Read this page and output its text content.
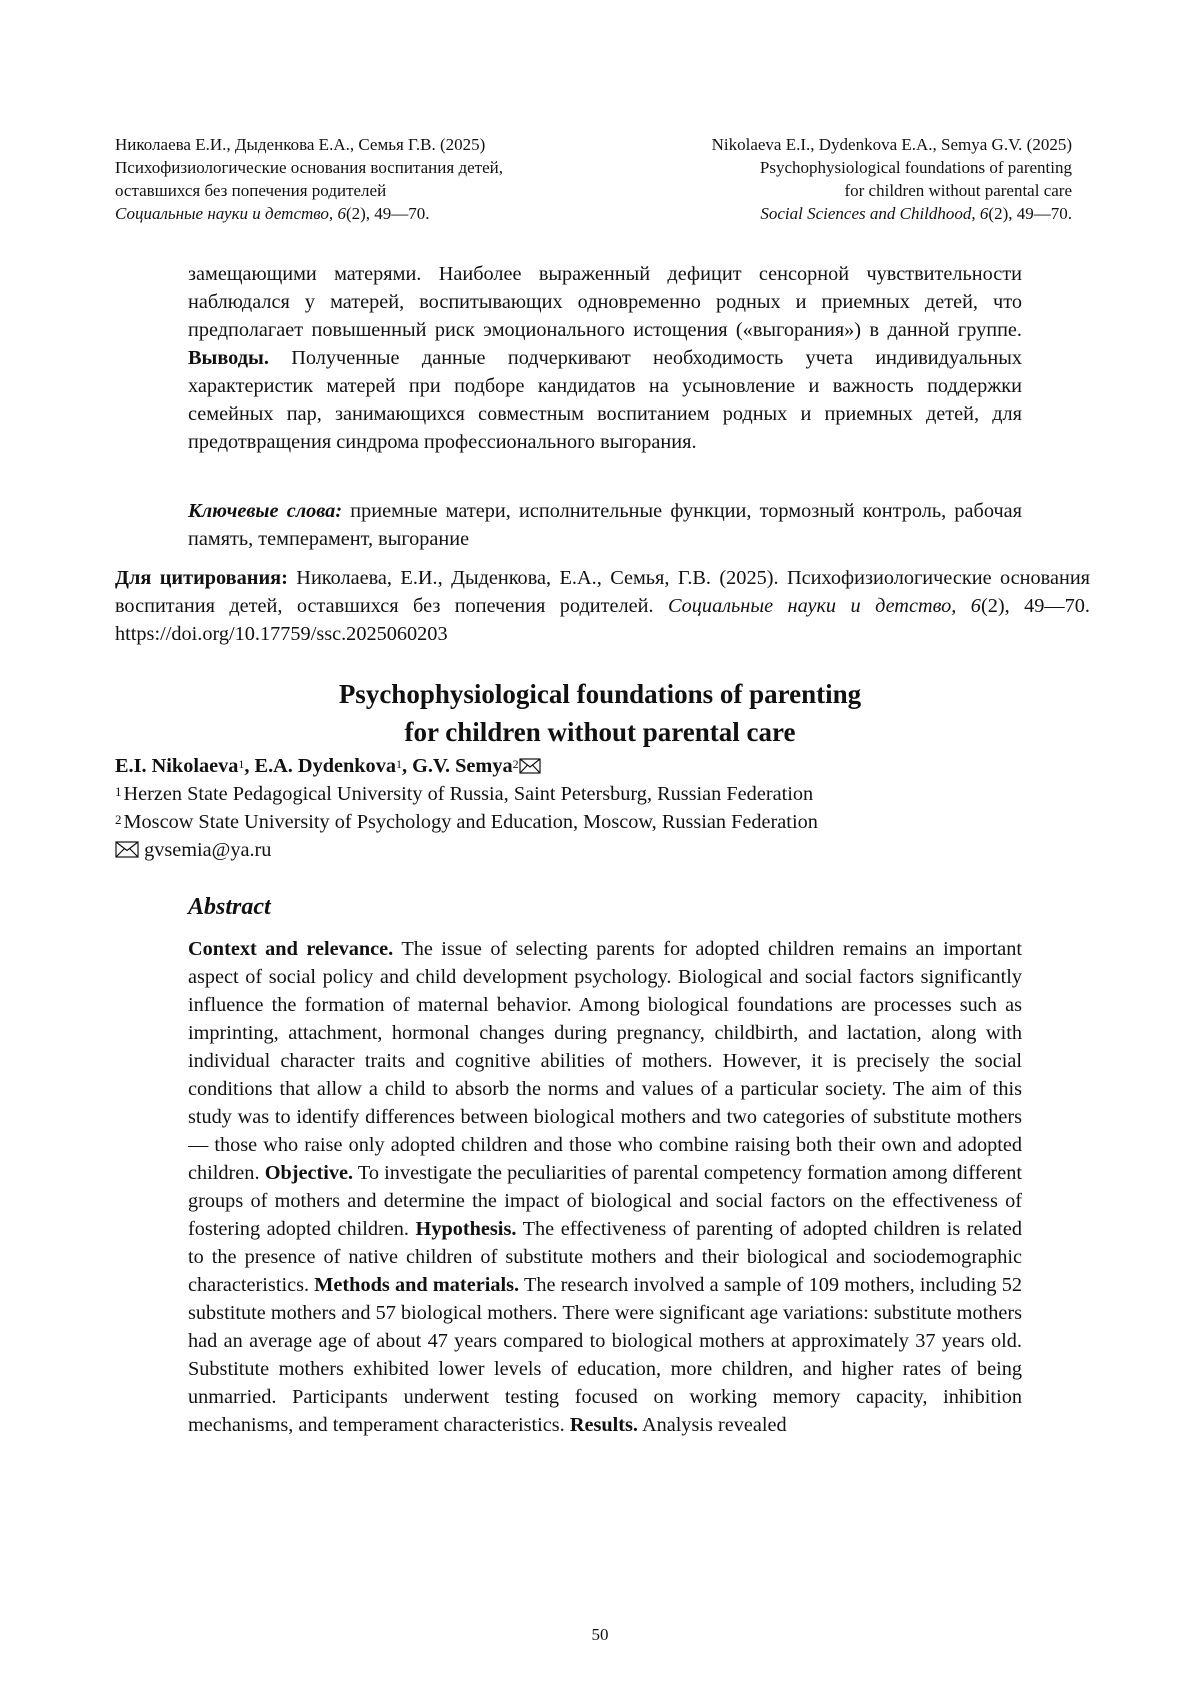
Николаева Е.И., Дыденкова Е.А., Семья Г.В. (2025)
Психофизиологические основания воспитания детей,
оставшихся без попечения родителей
Социальные науки и детство, 6(2), 49—70.
Nikolaeva E.I., Dydenkova E.A., Semya G.V. (2025)
Psychophysiological foundations of parenting
for children without parental care
Social Sciences and Childhood, 6(2), 49—70.
замещающими матерями. Наиболее выраженный дефицит сенсорной чувствительности наблюдался у матерей, воспитывающих одновременно родных и приемных детей, что предполагает повышенный риск эмоционального истощения («выгорания») в данной группе. Выводы. Полученные данные подчеркивают необходимость учета индивидуальных характеристик матерей при подборе кандидатов на усыновление и важность поддержки семейных пар, занимающихся совместным воспитанием родных и приемных детей, для предотвращения синдрома профессионального выгорания.
Ключевые слова: приемные матери, исполнительные функции, тормозный контроль, рабочая память, темперамент, выгорание
Для цитирования: Николаева, Е.И., Дыденкова, Е.А., Семья, Г.В. (2025). Психофизиологические основания воспитания детей, оставшихся без попечения родителей. Социальные науки и детство, 6(2), 49—70. https://doi.org/10.17759/ssc.2025060203
Psychophysiological foundations of parenting
for children without parental care
E.I. Nikolaeva1, E.A. Dydenkova1, G.V. Semya2
1Herzen State Pedagogical University of Russia, Saint Petersburg, Russian Federation
2Moscow State University of Psychology and Education, Moscow, Russian Federation
gvsemia@ya.ru
Abstract
Context and relevance. The issue of selecting parents for adopted children remains an important aspect of social policy and child development psychology. Biological and social factors significantly influence the formation of maternal behavior. Among biological foundations are processes such as imprinting, attachment, hormonal changes during pregnancy, childbirth, and lactation, along with individual character traits and cognitive abilities of mothers. However, it is precisely the social conditions that allow a child to absorb the norms and values of a particular society. The aim of this study was to identify differences between biological mothers and two categories of substitute mothers — those who raise only adopted children and those who combine raising both their own and adopted children. Objective. To investigate the peculiarities of parental competency formation among different groups of mothers and determine the impact of biological and social factors on the effectiveness of fostering adopted children. Hypothesis. The effectiveness of parenting of adopted children is related to the presence of native children of substitute mothers and their biological and sociodemographic characteristics. Methods and materials. The research involved a sample of 109 mothers, including 52 substitute mothers and 57 biological mothers. There were significant age variations: substitute mothers had an average age of about 47 years compared to biological mothers at approximately 37 years old. Substitute mothers exhibited lower levels of education, more children, and higher rates of being unmarried. Participants underwent testing focused on working memory capacity, inhibition mechanisms, and temperament characteristics. Results. Analysis revealed
50
